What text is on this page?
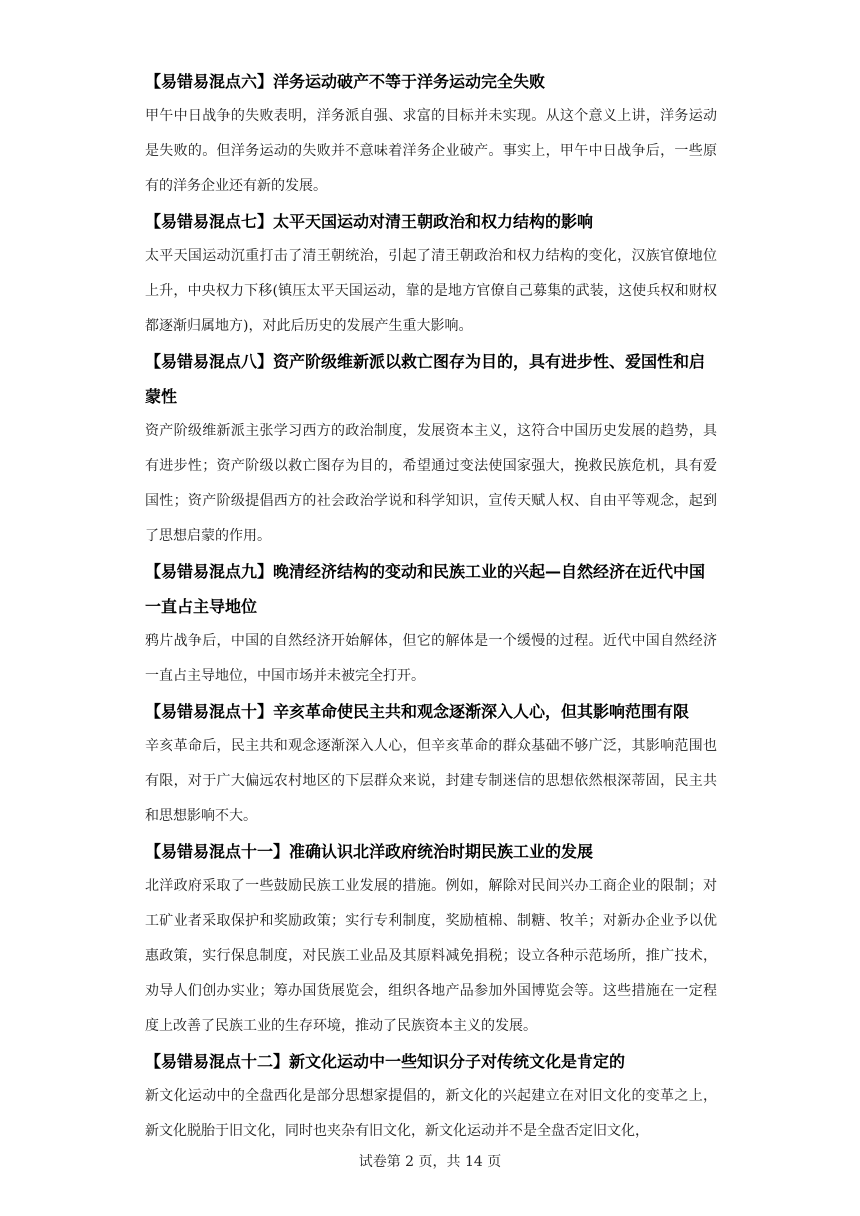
【易错易混点六】洋务运动破产不等于洋务运动完全失败

甲午中日战争的失败表明，洋务派自强、求富的目标并未实现。从这个意义上讲，洋务运动是失败的。但洋务运动的失败并不意味着洋务企业破产。事实上，甲午中日战争后，一些原有的洋务企业还有新的发展。

【易错易混点七】太平天国运动对清王朝政治和权力结构的影响

太平天国运动沉重打击了清王朝统治，引起了清王朝政治和权力结构的变化，汉族官僚地位上升，中央权力下移(镇压太平天国运动，靠的是地方官僚自己募集的武装，这使兵权和财权都逐渐归属地方)，对此后历史的发展产生重大影响。

【易错易混点八】资产阶级维新派以救亡图存为目的，具有进步性、爱国性和启蒙性

资产阶级维新派主张学习西方的政治制度，发展资本主义，这符合中国历史发展的趋势，具有进步性；资产阶级以救亡图存为目的，希望通过变法使国家强大，挽救民族危机，具有爱国性；资产阶级提倡西方的社会政治学说和科学知识，宣传天赋人权、自由平等观念，起到了思想启蒙的作用。

【易错易混点九】晚清经济结构的变动和民族工业的兴起—自然经济在近代中国一直占主导地位

鸦片战争后，中国的自然经济开始解体，但它的解体是一个缓慢的过程。近代中国自然经济一直占主导地位，中国市场并未被完全打开。

【易错易混点十】辛亥革命使民主共和观念逐渐深入人心，但其影响范围有限

辛亥革命后，民主共和观念逐渐深入人心，但辛亥革命的群众基础不够广泛，其影响范围也有限，对于广大偏远农村地区的下层群众来说，封建专制迷信的思想依然根深蒂固，民主共和思想影响不大。

【易错易混点十一】准确认识北洋政府统治时期民族工业的发展

北洋政府采取了一些鼓励民族工业发展的措施。例如，解除对民间兴办工商企业的限制；对工矿业者采取保护和奖励政策；实行专利制度，奖励植棉、制糖、牧羊；对新办企业予以优惠政策，实行保息制度，对民族工业品及其原料减免捐税；设立各种示范场所，推广技术，劝导人们创办实业；筹办国货展览会，组织各地产品参加外国博览会等。这些措施在一定程度上改善了民族工业的生存环境，推动了民族资本主义的发展。

【易错易混点十二】新文化运动中一些知识分子对传统文化是肯定的

新文化运动中的全盘西化是部分思想家提倡的，新文化的兴起建立在对旧文化的变革之上，新文化脱胎于旧文化，同时也夹杂有旧文化，新文化运动并不是全盘否定旧文化，

试卷第 2 页，共 14 页
